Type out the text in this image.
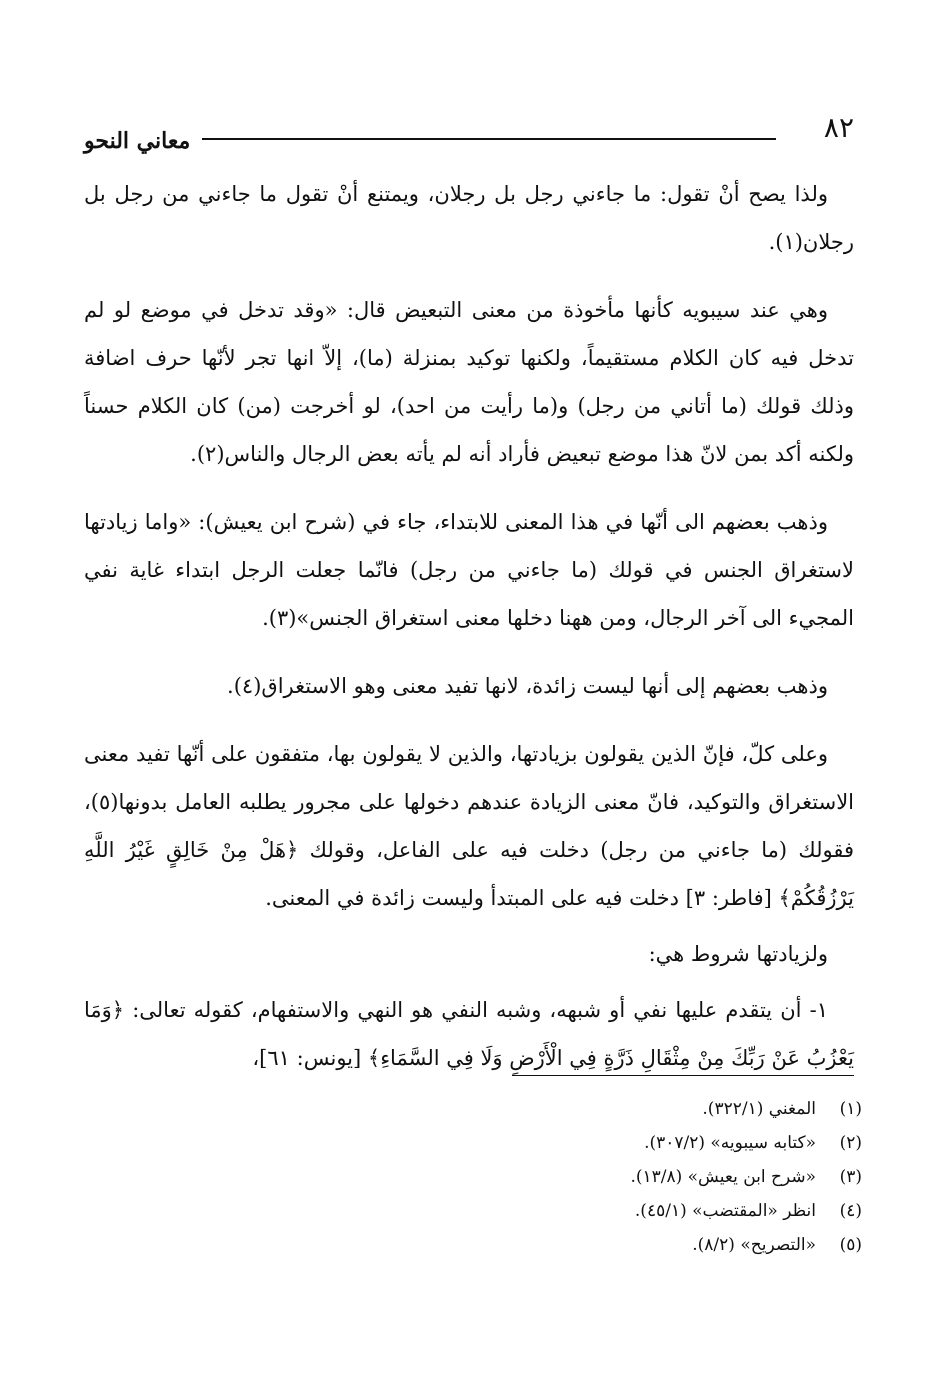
٨٢
معاني النحو

ولذا يصح أنْ تقول: ما جاءني رجل بل رجلان، ويمتنع أنْ تقول ما جاءني من رجل بل رجلان(١).

وهي عند سيبويه كأنها مأخوذة من معنى التبعيض قال: «وقد تدخل في موضع لو لم تدخل فيه كان الكلام مستقيماً، ولكنها توكيد بمنزلة (ما)، إلاّ انها تجر لأنّها حرف اضافة وذلك قولك (ما أتاني من رجل) و(ما رأيت من احد)، لو أخرجت (من) كان الكلام حسناً ولكنه أكد بمن لانّ هذا موضع تبعيض فأراد أنه لم يأته بعض الرجال والناس(٢).

وذهب بعضهم الى أنّها في هذا المعنى للابتداء، جاء في (شرح ابن يعيش): «واما زيادتها لاستغراق الجنس في قولك (ما جاءني من رجل) فانّما جعلت الرجل ابتداء غاية نفي المجيء الى آخر الرجال، ومن ههنا دخلها معنى استغراق الجنس»(٣).

وذهب بعضهم إلى أنها ليست زائدة، لانها تفيد معنى وهو الاستغراق(٤).

وعلى كلّ، فإنّ الذين يقولون بزيادتها، والذين لا يقولون بها، متفقون على أنّها تفيد معنى الاستغراق والتوكيد، فانّ معنى الزيادة عندهم دخولها على مجرور يطلبه العامل بدونها(٥)، فقولك (ما جاءني من رجل) دخلت فيه على الفاعل، وقولك ﴿هَلْ مِنْ خَالِقٍ غَيْرُ اللَّهِ يَرْزُقُكُمْ﴾ [فاطر: ٣] دخلت فيه على المبتدأ وليست زائدة في المعنى.

ولزيادتها شروط هي:

١- أن يتقدم عليها نفي أو شبهه، وشبه النفي هو النهي والاستفهام، كقوله تعالى: ﴿وَمَا يَعْزُبُ عَنْ رَبِّكَ مِنْ مِثْقَالِ ذَرَّةٍ فِي الْأَرْضِ وَلَا فِي السَّمَاءِ﴾ [يونس: ٦١]،

(١)
المغني (٣٢٢/١).
(٢)
«كتابه سيبويه» (٣٠٧/٢).
(٣)
«شرح ابن يعيش» (١٣/٨).
(٤)
انظر «المقتضب» (٤٥/١).
(٥)
«التصريح» (٨/٢).
